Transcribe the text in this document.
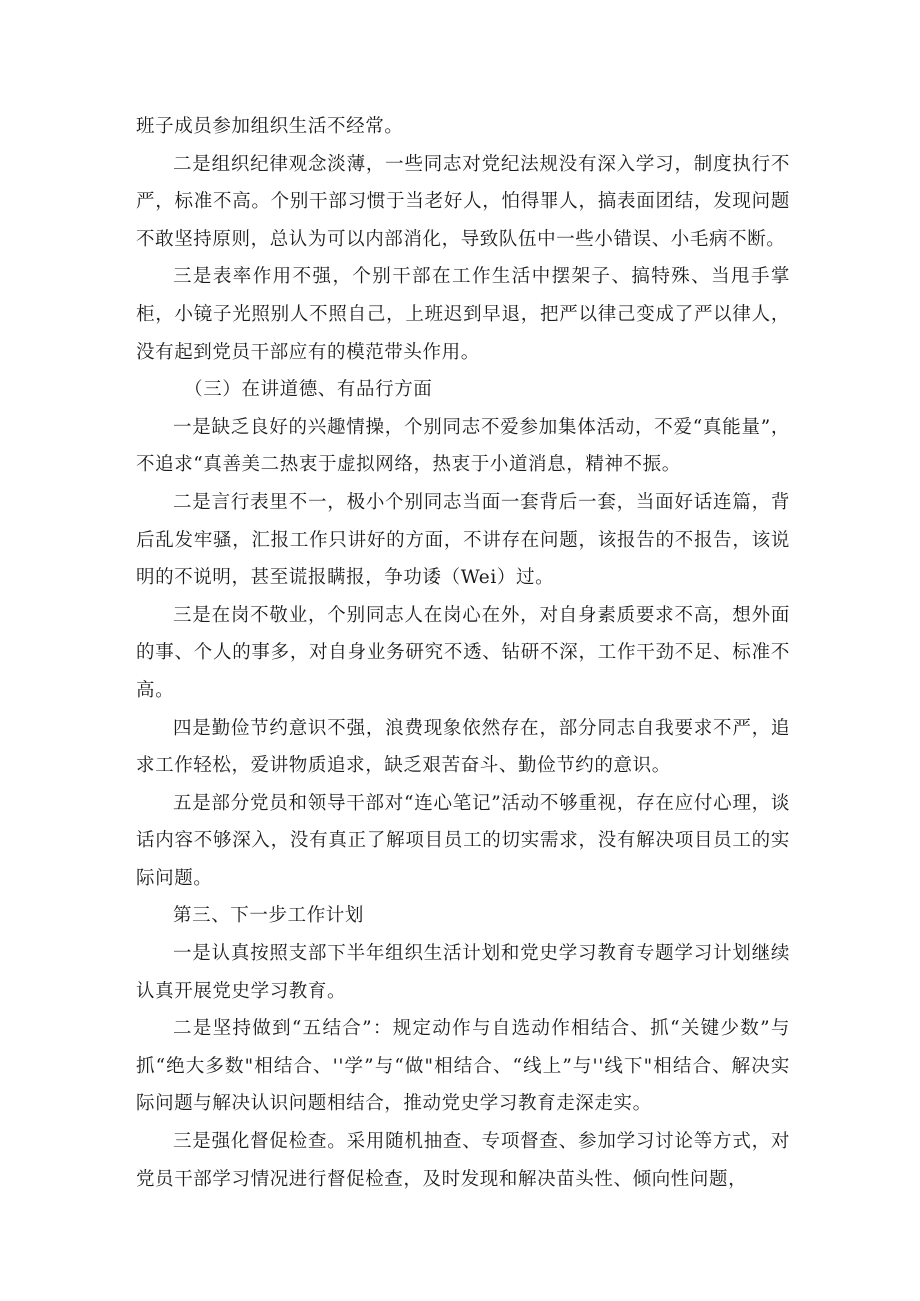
班子成员参加组织生活不经常。

二是组织纪律观念淡薄，一些同志对党纪法规没有深入学习，制度执行不严，标准不高。个别干部习惯于当老好人，怕得罪人，搞表面团结，发现问题不敢坚持原则，总认为可以内部消化，导致队伍中一些小错误、小毛病不断。

三是表率作用不强，个别干部在工作生活中摆架子、搞特殊、当甩手掌柜，小镜子光照别人不照自己，上班迟到早退，把严以律己变成了严以律人，没有起到党员干部应有的模范带头作用。

（三）在讲道德、有品行方面

一是缺乏良好的兴趣情操，个别同志不爱参加集体活动，不爱“真能量”，不追求“真善美二热衷于虚拟网络，热衷于小道消息，精神不振。

二是言行表里不一，极小个别同志当面一套背后一套，当面好话连篇，背后乱发牢骚，汇报工作只讲好的方面，不讲存在问题，该报告的不报告，该说明的不说明，甚至谎报瞒报，争功诿（Wei）过。

三是在岗不敬业，个别同志人在岗心在外，对自身素质要求不高，想外面的事、个人的事多，对自身业务研究不透、钻研不深，工作干劲不足、标准不高。

四是勤俭节约意识不强，浪费现象依然存在，部分同志自我要求不严，追求工作轻松，爱讲物质追求，缺乏艰苦奋斗、勤俭节约的意识。

五是部分党员和领导干部对“连心笔记”活动不够重视，存在应付心理，谈话内容不够深入，没有真正了解项目员工的切实需求，没有解决项目员工的实际问题。

第三、下一步工作计划

一是认真按照支部下半年组织生活计划和党史学习教育专题学习计划继续认真开展党史学习教育。

二是坚持做到“五结合”：规定动作与自选动作相结合、抓“关键少数”与抓“绝大多数"相结合、''学”与“做"相结合、“线上”与''线下"相结合、解决实际问题与解决认识问题相结合，推动党史学习教育走深走实。

三是强化督促检查。采用随机抽查、专项督查、参加学习讨论等方式，对党员干部学习情况进行督促检查，及时发现和解决苗头性、倾向性问题，
